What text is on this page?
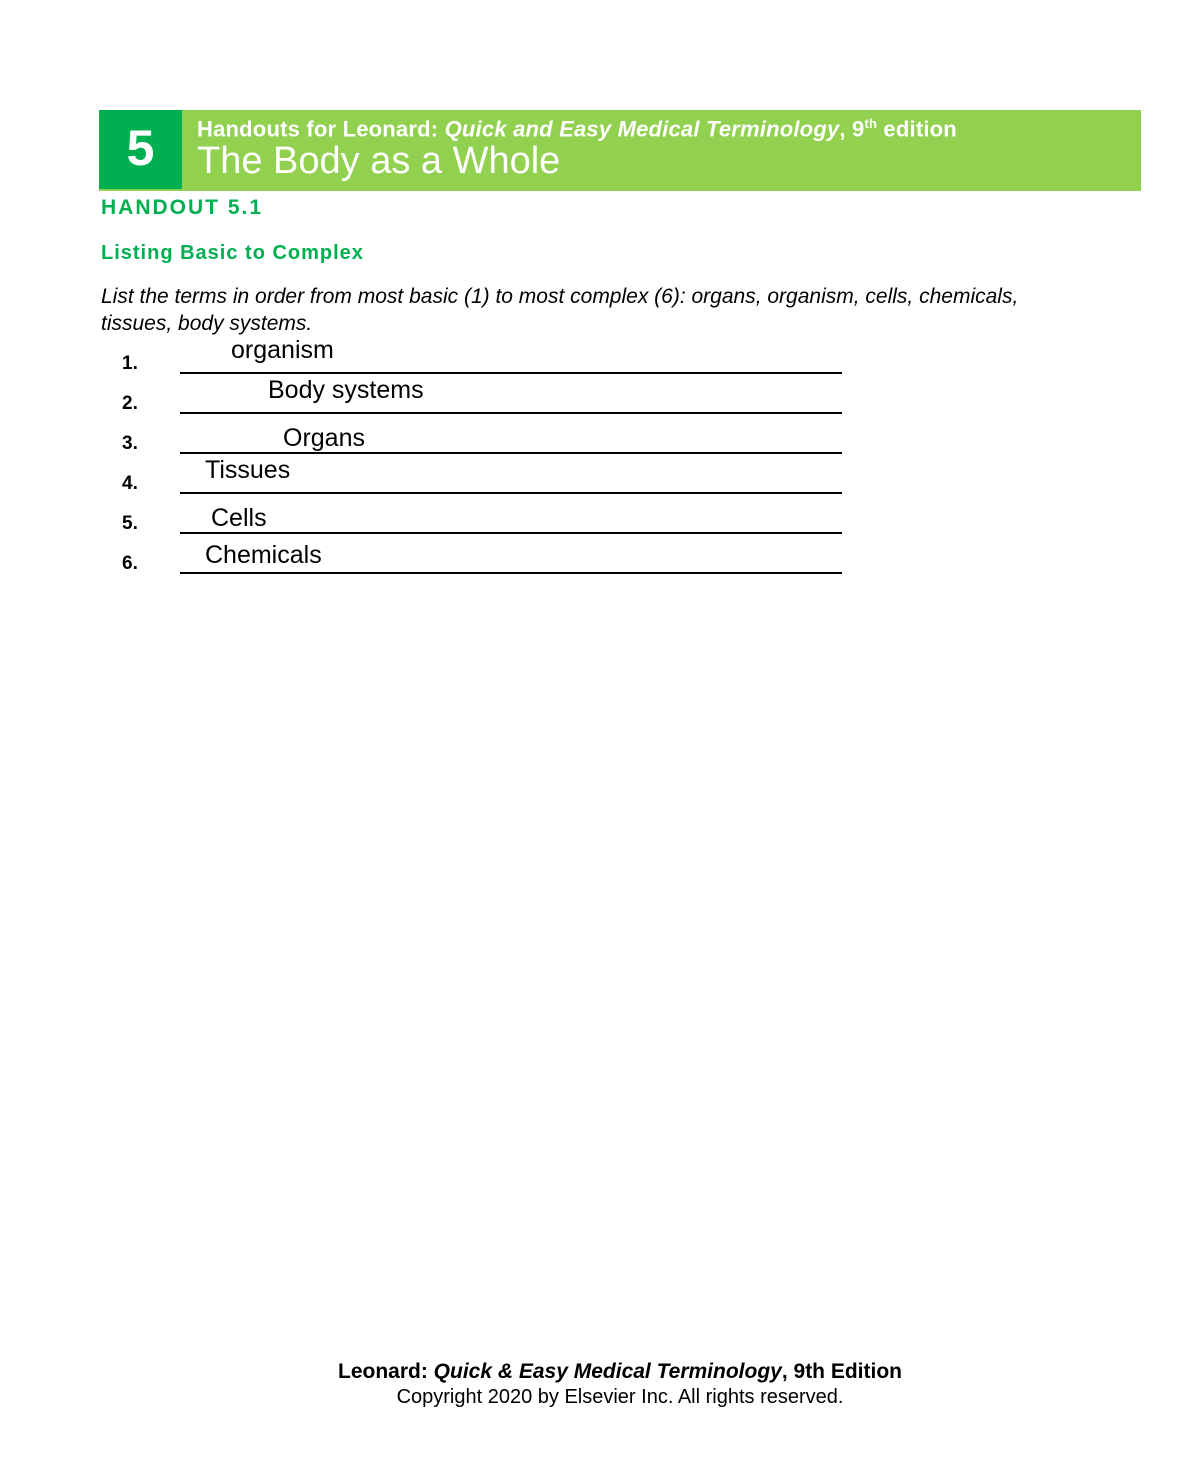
5	Handouts for Leonard: Quick and Easy Medical Terminology, 9th edition
The Body as a Whole
HANDOUT 5.1
Listing Basic to Complex
List the terms in order from most basic (1) to most complex (6): organs, organism, cells, chemicals, tissues, body systems.
1.	organism
2.	Body systems
3.	Organs
4.	Tissues
5.	Cells
6.	Chemicals
Leonard: Quick & Easy Medical Terminology, 9th Edition
Copyright 2020 by Elsevier Inc. All rights reserved.
